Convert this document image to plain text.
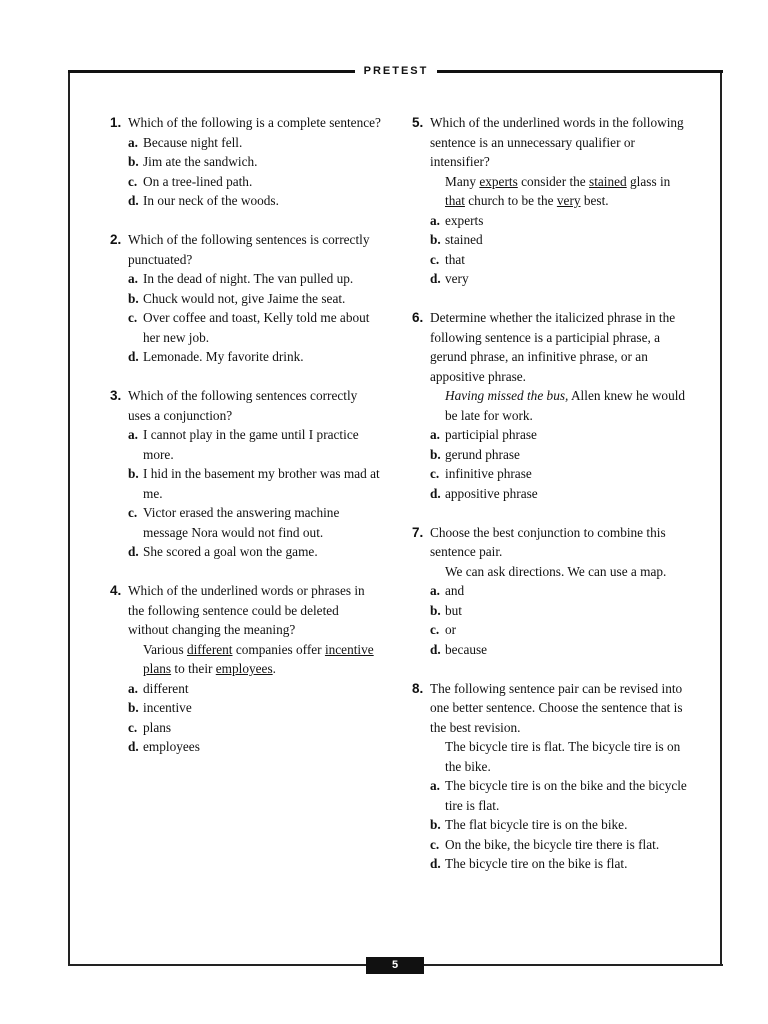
PRETEST
5
1. Which of the following is a complete sentence?
a. Because night fell.
b. Jim ate the sandwich.
c. On a tree-lined path.
d. In our neck of the woods.
2. Which of the following sentences is correctly punctuated?
a. In the dead of night. The van pulled up.
b. Chuck would not, give Jaime the seat.
c. Over coffee and toast, Kelly told me about her new job.
d. Lemonade. My favorite drink.
3. Which of the following sentences correctly uses a conjunction?
a. I cannot play in the game until I practice more.
b. I hid in the basement my brother was mad at me.
c. Victor erased the answering machine message Nora would not find out.
d. She scored a goal won the game.
4. Which of the underlined words or phrases in the following sentence could be deleted without changing the meaning?
Various different companies offer incentive plans to their employees.
a. different
b. incentive
c. plans
d. employees
5. Which of the underlined words in the following sentence is an unnecessary qualifier or intensifier?
Many experts consider the stained glass in that church to be the very best.
a. experts
b. stained
c. that
d. very
6. Determine whether the italicized phrase in the following sentence is a participial phrase, a gerund phrase, an infinitive phrase, or an appositive phrase.
Having missed the bus, Allen knew he would be late for work.
a. participial phrase
b. gerund phrase
c. infinitive phrase
d. appositive phrase
7. Choose the best conjunction to combine this sentence pair.
We can ask directions. We can use a map.
a. and
b. but
c. or
d. because
8. The following sentence pair can be revised into one better sentence. Choose the sentence that is the best revision.
The bicycle tire is flat. The bicycle tire is on the bike.
a. The bicycle tire is on the bike and the bicycle tire is flat.
b. The flat bicycle tire is on the bike.
c. On the bike, the bicycle tire there is flat.
d. The bicycle tire on the bike is flat.
